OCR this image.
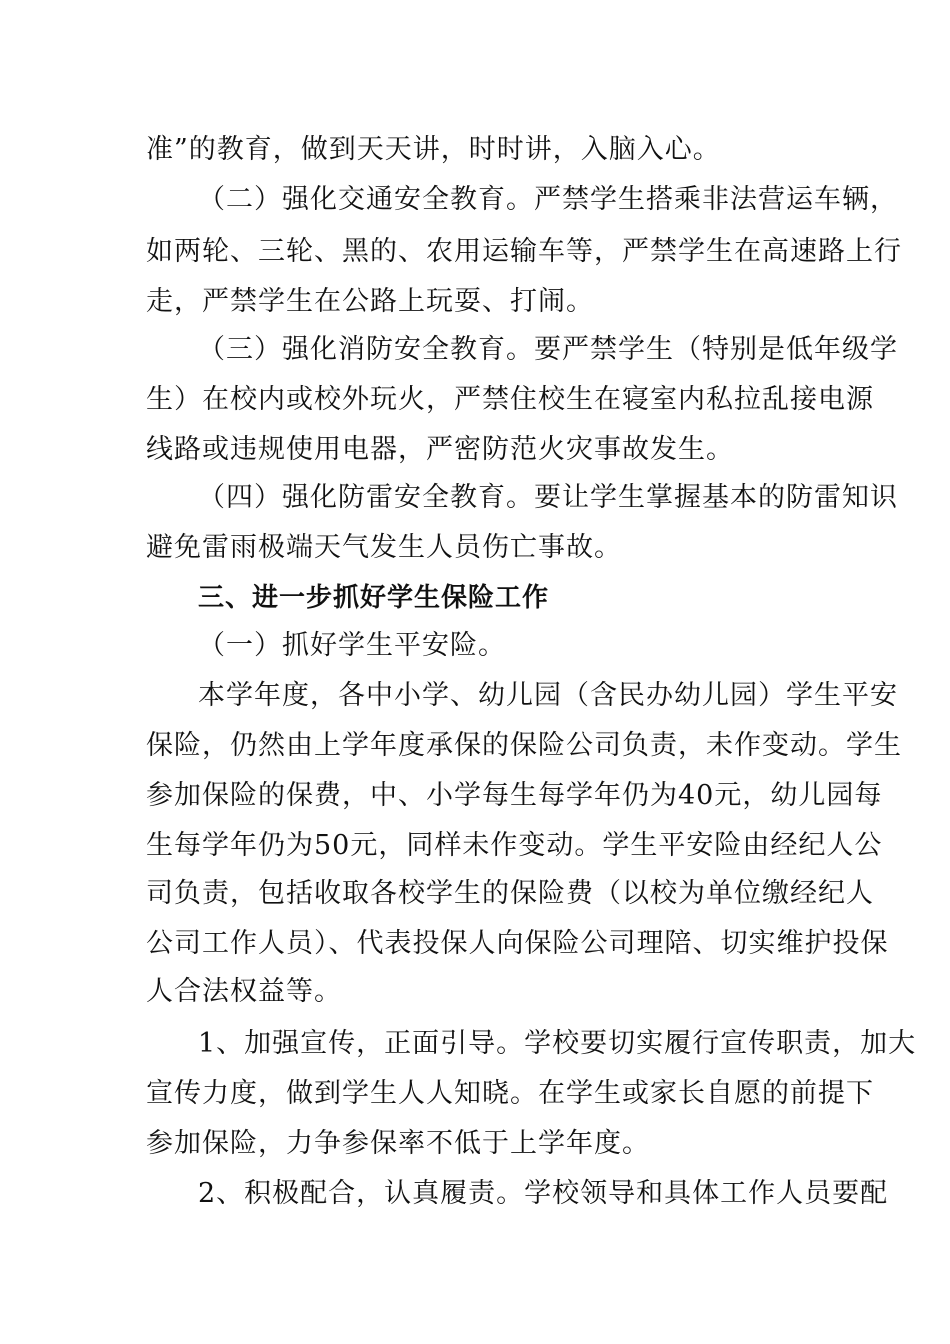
准”的教育，做到天天讲，时时讲，入脑入心。
（二）强化交通安全教育。严禁学生搭乘非法营运车辆，
如两轮、三轮、黑的、农用运输车等，严禁学生在高速路上行
走，严禁学生在公路上玩耍、打闹。
（三）强化消防安全教育。要严禁学生（特别是低年级学
生）在校内或校外玩火，严禁住校生在寝室内私拉乱接电源
线路或违规使用电器，严密防范火灾事故发生。
（四）强化防雷安全教育。要让学生掌握基本的防雷知识
避免雷雨极端天气发生人员伤亡事故。
三、进一步抓好学生保险工作
（一）抓好学生平安险。
本学年度，各中小学、幼儿园（含民办幼儿园）学生平安
保险，仍然由上学年度承保的保险公司负责，未作变动。学生
参加保险的保费，中、小学每生每学年仍为40元，幼儿园每
生每学年仍为50元，同样未作变动。学生平安险由经纪人公
司负责，包括收取各校学生的保险费（以校为单位缴经纪人
公司工作人员）、代表投保人向保险公司理陪、切实维护投保
人合法权益等。
1、加强宣传，正面引导。学校要切实履行宣传职责，加大
宣传力度，做到学生人人知晓。在学生或家长自愿的前提下
参加保险，力争参保率不低于上学年度。
2、积极配合，认真履责。学校领导和具体工作人员要配
